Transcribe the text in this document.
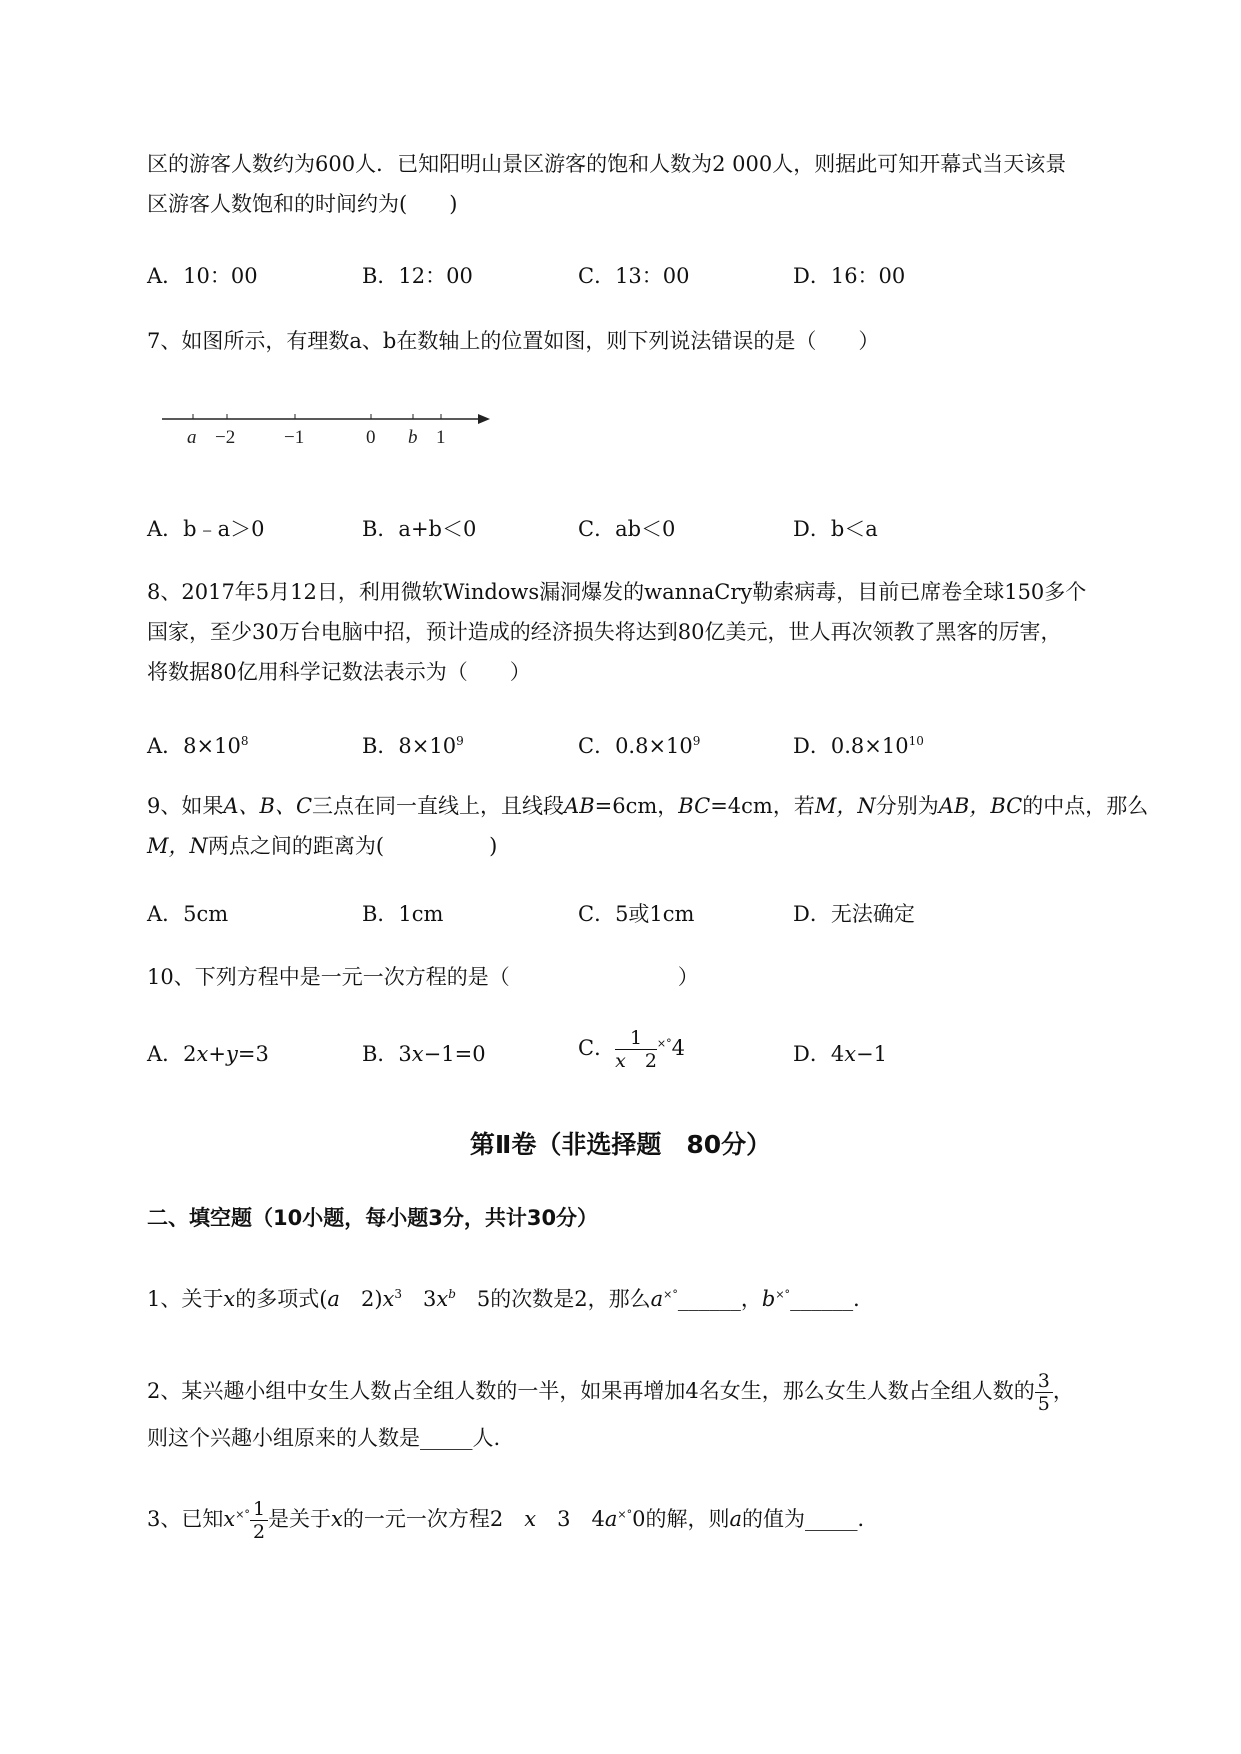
区的游客人数约为600人．已知阳明山景区游客的饱和人数为2 000人，则据此可知开幕式当天该景
区游客人数饱和的时间约为(　　)
A．10：00	B．12：00	C．13：00	D．16：00
7、如图所示，有理数a、b在数轴上的位置如图，则下列说法错误的是（　　）
a −2	−1	0 b 1
A．b﹣a＞0	B．a+b＜0	C．ab＜0	D．b＜a
8、2017年5月12日，利用微软Windows漏洞爆发的wannaCry勒索病毒，目前已席卷全球150多个
国家，至少30万台电脑中招，预计造成的经济损失将达到80亿美元，世人再次领教了黑客的厉害，
将数据80亿用科学记数法表示为（　　）
A．$8\times 10^8$	B．$8\times 10^9$	C．$0.8\times 10^9$	D．$0.8\times 10^{10}$
9、如果A、B、C三点在同一直线上，且线段AB=6cm，BC=4cm，若M，N分别为AB，BC的中点，那么
M，N两点之间的距离为(　　　　　)
A．5cm	B．1cm	C．5或1cm	D．无法确定
10、下列方程中是一元一次方程的是（　　　　　　　　）
A．2x+y=3	B．3x−1=0	C． $\frac{1}{x 2} ^{\times^\circ}4$	D．4x−1
第Ⅱ卷（非选择题　80分）
二、填空题（10小题，每小题3分，共计30分）
1、关于x的多项式(a　$2)x^3$　$3x^b$　5的次数是2，那么a×°______，b×°______．
2、某兴趣小组中女生人数占全组人数的一半，如果再增加4名女生，那么女生人数占全组人数的 $\frac{3}{5}$ ，
则这个兴趣小组原来的人数是_____人.
3、已知$x^{\times^\circ} \frac{1}{2}$ 是关于x的一元一次方程2　 x　3　4a×°0的解，则a的值为_____．
